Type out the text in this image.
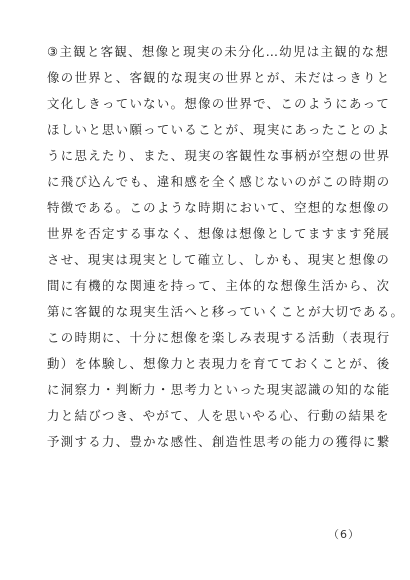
③主観と客観、想像と現実の未分化…幼児は主観的な想
像の世界と、客観的な現実の世界とが、未だはっきりと
文化しきっていない。想像の世界で、このようにあって
ほしいと思い願っていることが、現実にあったことのよ
うに思えたり、また、現実の客観性な事柄が空想の世界
に飛び込んでも、違和感を全く感じないのがこの時期の
特徴である。このような時期において、空想的な想像の
世界を否定する事なく、想像は想像としてますます発展
させ、現実は現実として確立し、しかも、現実と想像の
間に有機的な関連を持って、主体的な想像生活から、次
第に客観的な現実生活へと移っていくことが大切である。
この時期に、十分に想像を楽しみ表現する活動（表現行
動）を体験し、想像力と表現力を育てておくことが、後
に洞察力・判断力・思考力といった現実認識の知的な能
力と結びつき、やがて、人を思いやる心、行動の結果を
予測する力、豊かな感性、創造性思考の能力の獲得に繋
（6）
